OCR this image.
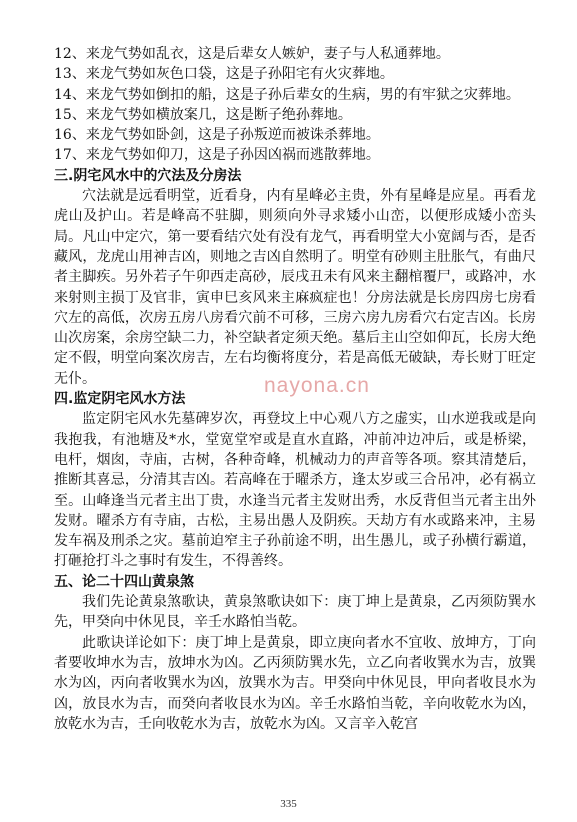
12、来龙气势如乱衣，这是后辈女人嫉妒，妻子与人私通葬地。

13、来龙气势如灰色口袋，这是子孙阳宅有火灾葬地。

14、来龙气势如倒扣的船，这是子孙后辈女的生病，男的有牢狱之灾葬地。

15、来龙气势如横放案几，这是断子绝孙葬地。

16、来龙气势如卧剑，这是子孙叛逆而被诛杀葬地。

17、来龙气势如仰刀，这是子孙因凶祸而逃散葬地。

三.阴宅风水中的穴法及分房法

穴法就是远看明堂，近看身，内有星峰必主贵，外有星峰是应星。再看龙虎山及护山。若是峰高不驻脚，则须向外寻求矮小山峦，以便形成矮小峦头局。凡山中定穴，第一要看结穴处有没有龙气，再看明堂大小宽阔与否，是否藏风，龙虎山用神吉凶，则地之吉凶自然明了。明堂有砂则主肚胀气，有曲尺者主脚疾。另外若子午卯西走高砂，辰戌丑未有风来主翻棺覆尸，或路冲，水来射则主损丁及官非，寅申巳亥风来主麻疯症也！分房法就是长房四房七房看穴左的高低，次房五房八房看穴前不可移，三房六房九房看穴右定吉凶。长房山次房案，余房空缺二力，补空缺者定须天绝。墓后主山空如仰瓦，长房大绝定不假，明堂向案次房吉，左右均衡将度分，若是高低无破缺，寿长财丁旺定无仆。

四.监定阴宅风水方法

监定阴宅风水先墓碑岁次，再登坟上中心观八方之虚实，山水逆我或是向我抱我，有池塘及*水，堂宽堂窄或是直水直路，冲前冲边冲后，或是桥梁，电杆，烟囱，寺庙，古树，各种奇峰，机械动力的声音等各项。察其清楚后，推断其喜忌，分清其吉凶。若高峰在于曜杀方，逢太岁或三合吊冲，必有祸立至。山峰逢当元者主出丁贵，水逢当元者主发财出秀，水反背但当元者主出外发财。曜杀方有寺庙，古松，主易出愚人及阴疾。天劫方有水或路来冲，主易发车祸及刑杀之灾。墓前迫窄主子孙前途不明，出生愚儿，或子孙横行霸道，打砸抢打斗之事时有发生，不得善终。

五、论二十四山黄泉煞

我们先论黄泉煞歌诀，黄泉煞歌诀如下：庚丁坤上是黄泉，乙丙须防巽水先，甲癸向中休见艮，辛壬水路怕当乾。

此歌诀详论如下：庚丁坤上是黄泉，即立庚向者水不宜收、放坤方，丁向者要收坤水为吉，放坤水为凶。乙丙须防巽水先，立乙向者收巽水为吉，放巽水为凶，丙向者收巽水为凶，放巽水为吉。甲癸向中休见艮，甲向者收艮水为凶，放艮水为吉，而癸向者收艮水为凶。辛壬水路怕当乾，辛向收乾水为凶，放乾水为吉，壬向收乾水为吉，放乾水为凶。又言辛入乾宫

nayona.cn
335
